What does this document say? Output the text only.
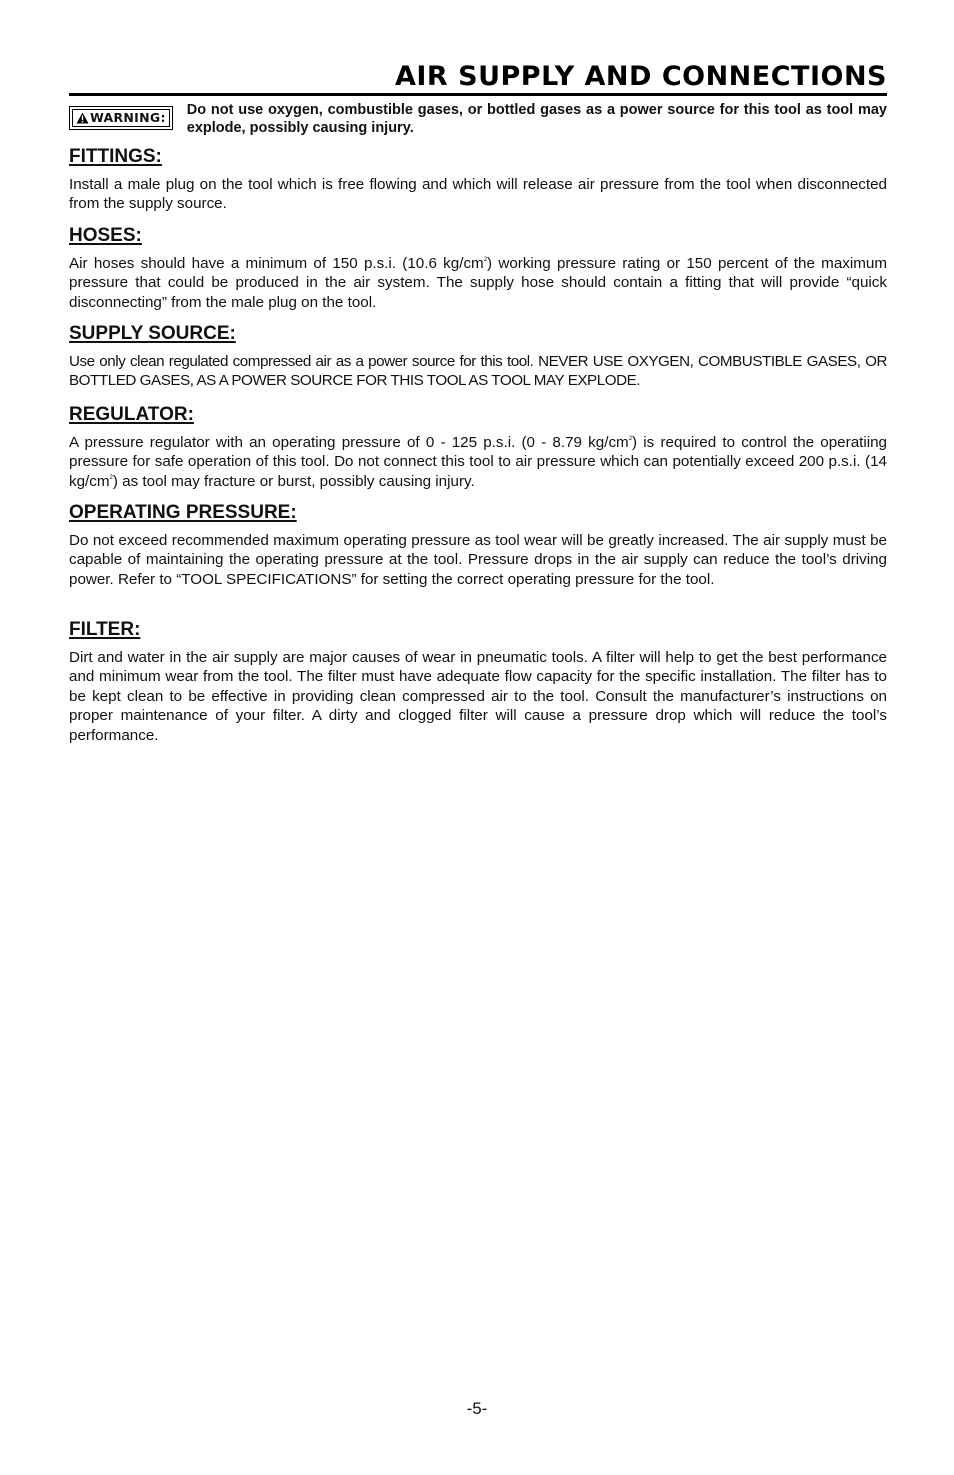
AIR SUPPLY AND CONNECTIONS
WARNING: Do not use oxygen, combustible gases, or bottled gases as a power source for this tool as tool may explode, possibly causing injury.
FITTINGS:

Install a male plug on the tool which is free flowing and which will release air pressure from the tool when disconnected from the supply source.

HOSES:

Air hoses should have a minimum of 150 p.s.i. (10.6 $kg/cm^2$) working pressure rating or 150 percent of the maximum pressure that could be produced in the air system. The supply hose should contain a fitting that will provide “quick disconnecting” from the male plug on the tool.

SUPPLY SOURCE:

Use only clean regulated compressed air as a power source for this tool. NEVER USE OXYGEN, COMBUSTIBLE GASES, OR BOTTLED GASES, AS A POWER SOURCE FOR THIS TOOL AS TOOL MAY EXPLODE.

REGULATOR:

A pressure regulator with an operating pressure of 0 - 125 p.s.i. (0 - 8.79 $kg/cm^2$) is required to control the operatiing pressure for safe operation of this tool. Do not connect this tool to air pressure which can potentially exceed 200 p.s.i. (14 $kg/cm^2$) as tool may fracture or burst, possibly causing injury.

OPERATING PRESSURE:

Do not exceed recommended maximum operating pressure as tool wear will be greatly increased. The air supply must be capable of maintaining the operating pressure at the tool. Pressure drops in the air supply can reduce the tool’s driving power. Refer to “TOOL SPECIFICATIONS” for setting the correct operating pressure for the tool.

FILTER:

Dirt and water in the air supply are major causes of wear in pneumatic tools. A filter will help to get the best performance and minimum wear from the tool. The filter must have adequate flow capacity for the specific installation. The filter has to be kept clean to be effective in providing clean compressed air to the tool. Consult the manufacturer’s instructions on proper maintenance of your filter. A dirty and clogged filter will cause a pressure drop which will reduce the tool’s performance.

-5-
